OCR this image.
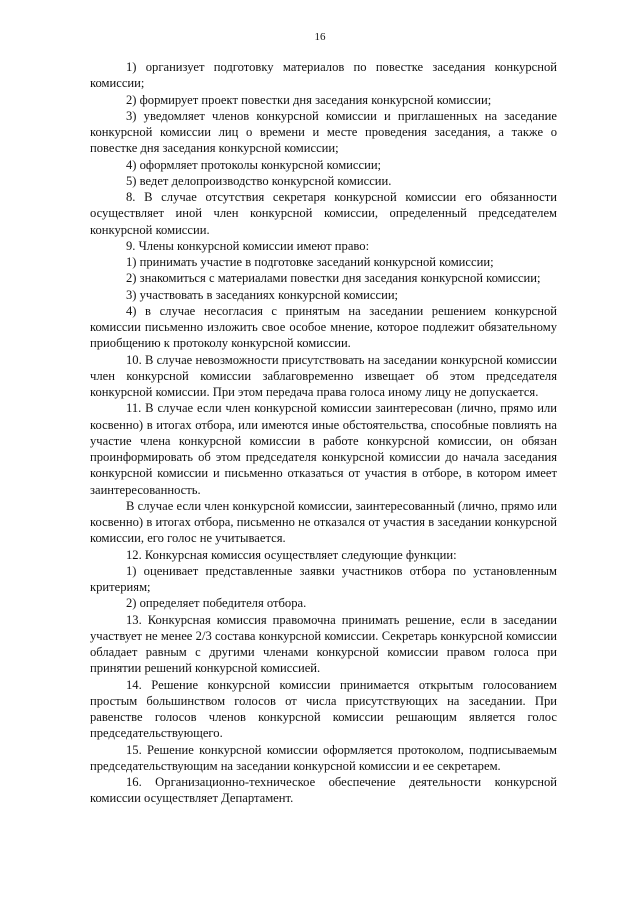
16

1) организует подготовку материалов по повестке заседания конкурсной комиссии;

2) формирует проект повестки дня заседания конкурсной комиссии;

3) уведомляет членов конкурсной комиссии и приглашенных на заседание конкурсной комиссии лиц о времени и месте проведения заседания, а также о повестке дня заседания конкурсной комиссии;

4) оформляет протоколы конкурсной комиссии;

5) ведет делопроизводство конкурсной комиссии.

8. В случае отсутствия секретаря конкурсной комиссии его обязанности осуществляет иной член конкурсной комиссии, определенный председателем конкурсной комиссии.

9. Члены конкурсной комиссии имеют право:

1) принимать участие в подготовке заседаний конкурсной комиссии;

2) знакомиться с материалами повестки дня заседания конкурсной комиссии;

3) участвовать в заседаниях конкурсной комиссии;

4) в случае несогласия с принятым на заседании решением конкурсной комиссии письменно изложить свое особое мнение, которое подлежит обязательному приобщению к протоколу конкурсной комиссии.

10. В случае невозможности присутствовать на заседании конкурсной комиссии член конкурсной комиссии заблаговременно извещает об этом председателя конкурсной комиссии. При этом передача права голоса иному лицу не допускается.

11. В случае если член конкурсной комиссии заинтересован (лично, прямо или косвенно) в итогах отбора, или имеются иные обстоятельства, способные повлиять на участие члена конкурсной комиссии в работе конкурсной комиссии, он обязан проинформировать об этом председателя конкурсной комиссии до начала заседания конкурсной комиссии и письменно отказаться от участия в отборе, в котором имеет заинтересованность.

В случае если член конкурсной комиссии, заинтересованный (лично, прямо или косвенно) в итогах отбора, письменно не отказался от участия в заседании конкурсной комиссии, его голос не учитывается.

12. Конкурсная комиссия осуществляет следующие функции:

1) оценивает представленные заявки участников отбора по установленным критериям;

2) определяет победителя отбора.

13. Конкурсная комиссия правомочна принимать решение, если в заседании участвует не менее 2/3 состава конкурсной комиссии. Секретарь конкурсной комиссии обладает равным с другими членами конкурсной комиссии правом голоса при принятии решений конкурсной комиссией.

14. Решение конкурсной комиссии принимается открытым голосованием простым большинством голосов от числа присутствующих на заседании. При равенстве голосов членов конкурсной комиссии решающим является голос председательствующего.

15. Решение конкурсной комиссии оформляется протоколом, подписываемым председательствующим на заседании конкурсной комиссии и ее секретарем.

16. Организационно-техническое обеспечение деятельности конкурсной комиссии осуществляет Департамент.
